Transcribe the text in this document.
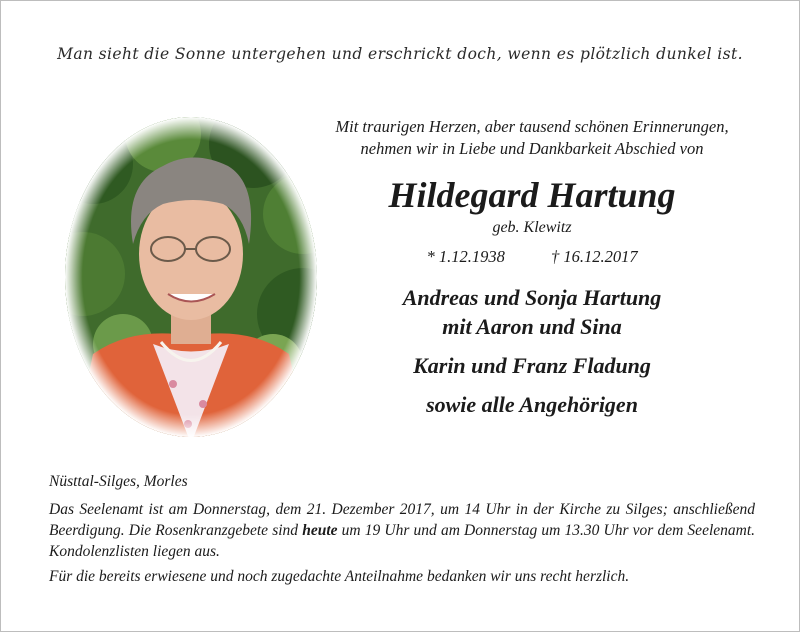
Man sieht die Sonne untergehen und erschrickt doch, wenn es plötzlich dunkel ist.
Mit traurigen Herzen, aber tausend schönen Erinnerungen,
nehmen wir in Liebe und Dankbarkeit Abschied von
Hildegard Hartung
geb. Klewitz
* 1.12.1938	† 16.12.2017
Andreas und Sonja Hartung
mit Aaron und Sina
Karin und Franz Fladung
sowie alle Angehörigen
Nüsttal-Silges, Morles
Das Seelenamt ist am Donnerstag, dem 21. Dezember 2017, um 14 Uhr in der Kirche zu Silges; anschließend Beerdigung. Die Rosenkranzgebete sind heute um 19 Uhr und am Donnerstag um 13.30 Uhr vor dem Seelenamt. Kondolenzlisten liegen aus.
Für die bereits erwiesene und noch zugedachte Anteilnahme bedanken wir uns recht herzlich.
